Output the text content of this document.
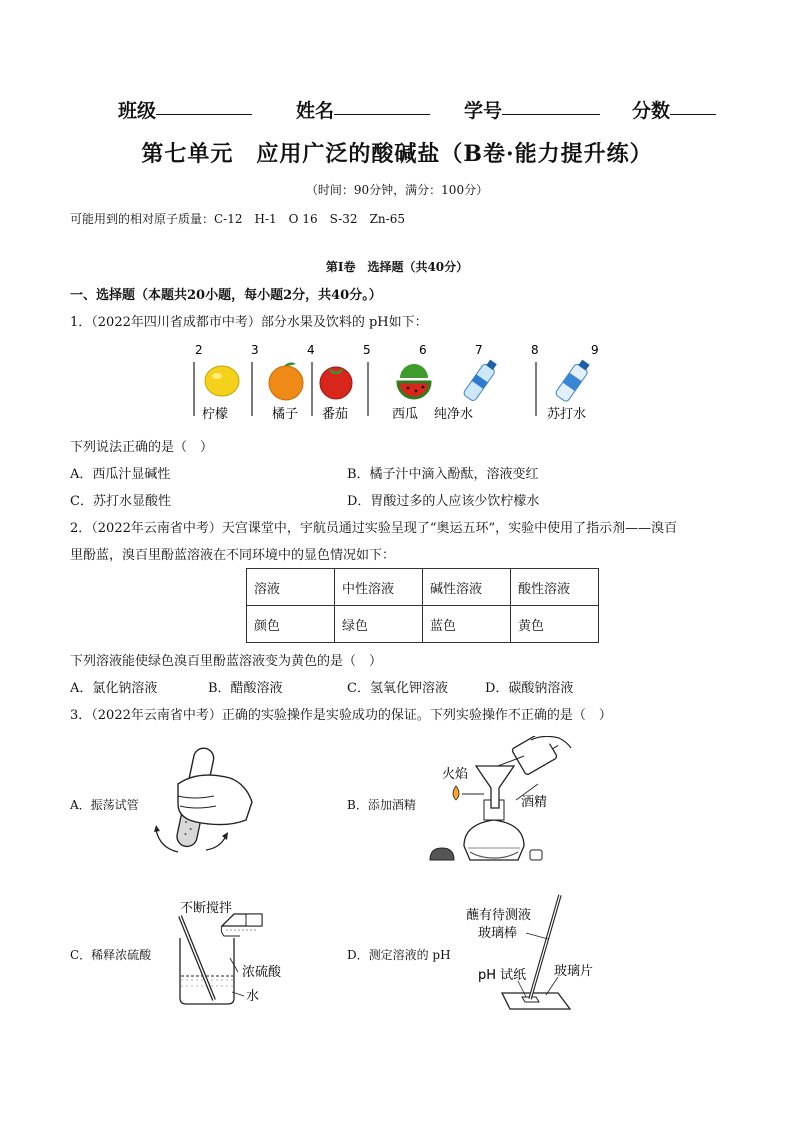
班级	姓名	学号	分数
第七单元　应用广泛的酸碱盐（B卷·能力提升练）
（时间：90分钟，满分：100分）
可能用到的相对原子质量：C-12　H-1　O 16　S-32　Zn-65
第Ⅰ卷　选择题（共40分）
一、选择题（本题共20小题，每小题2分，共40分。）
1．（2022年四川省成都市中考）部分水果及饮料的 pH如下：
2	3	4	5	6	7	8	9
柠檬	橘子 番茄	西瓜 纯净水	苏打水
下列说法正确的是（　）
A．西瓜汁显碱性	B．橘子汁中滴入酚酞，溶液变红
C．苏打水显酸性	D．胃酸过多的人应该少饮柠檬水
2．（2022年云南省中考）天宫课堂中，宇航员通过实验呈现了“奥运五环”，实验中使用了指示剂——溴百
里酚蓝，溴百里酚蓝溶液在不同环境中的显色情况如下：
溶液	中性溶液	碱性溶液	酸性溶液
颜色	绿色	蓝色	黄色
下列溶液能使绿色溴百里酚蓝溶液变为黄色的是（　）
A．氯化钠溶液	B．醋酸溶液	C．氢氧化钾溶液	D．碳酸钠溶液
3．（2022年云南省中考）正确的实验操作是实验成功的保证。下列实验操作不正确的是（　）
A．振荡试管	B．添加酒精
C．稀释浓硫酸	D．测定溶液的 pH
火焰
酒精
不断搅拌
浓硫酸
水
蘸有待测液
玻璃棒
pH 试纸 玻璃片
